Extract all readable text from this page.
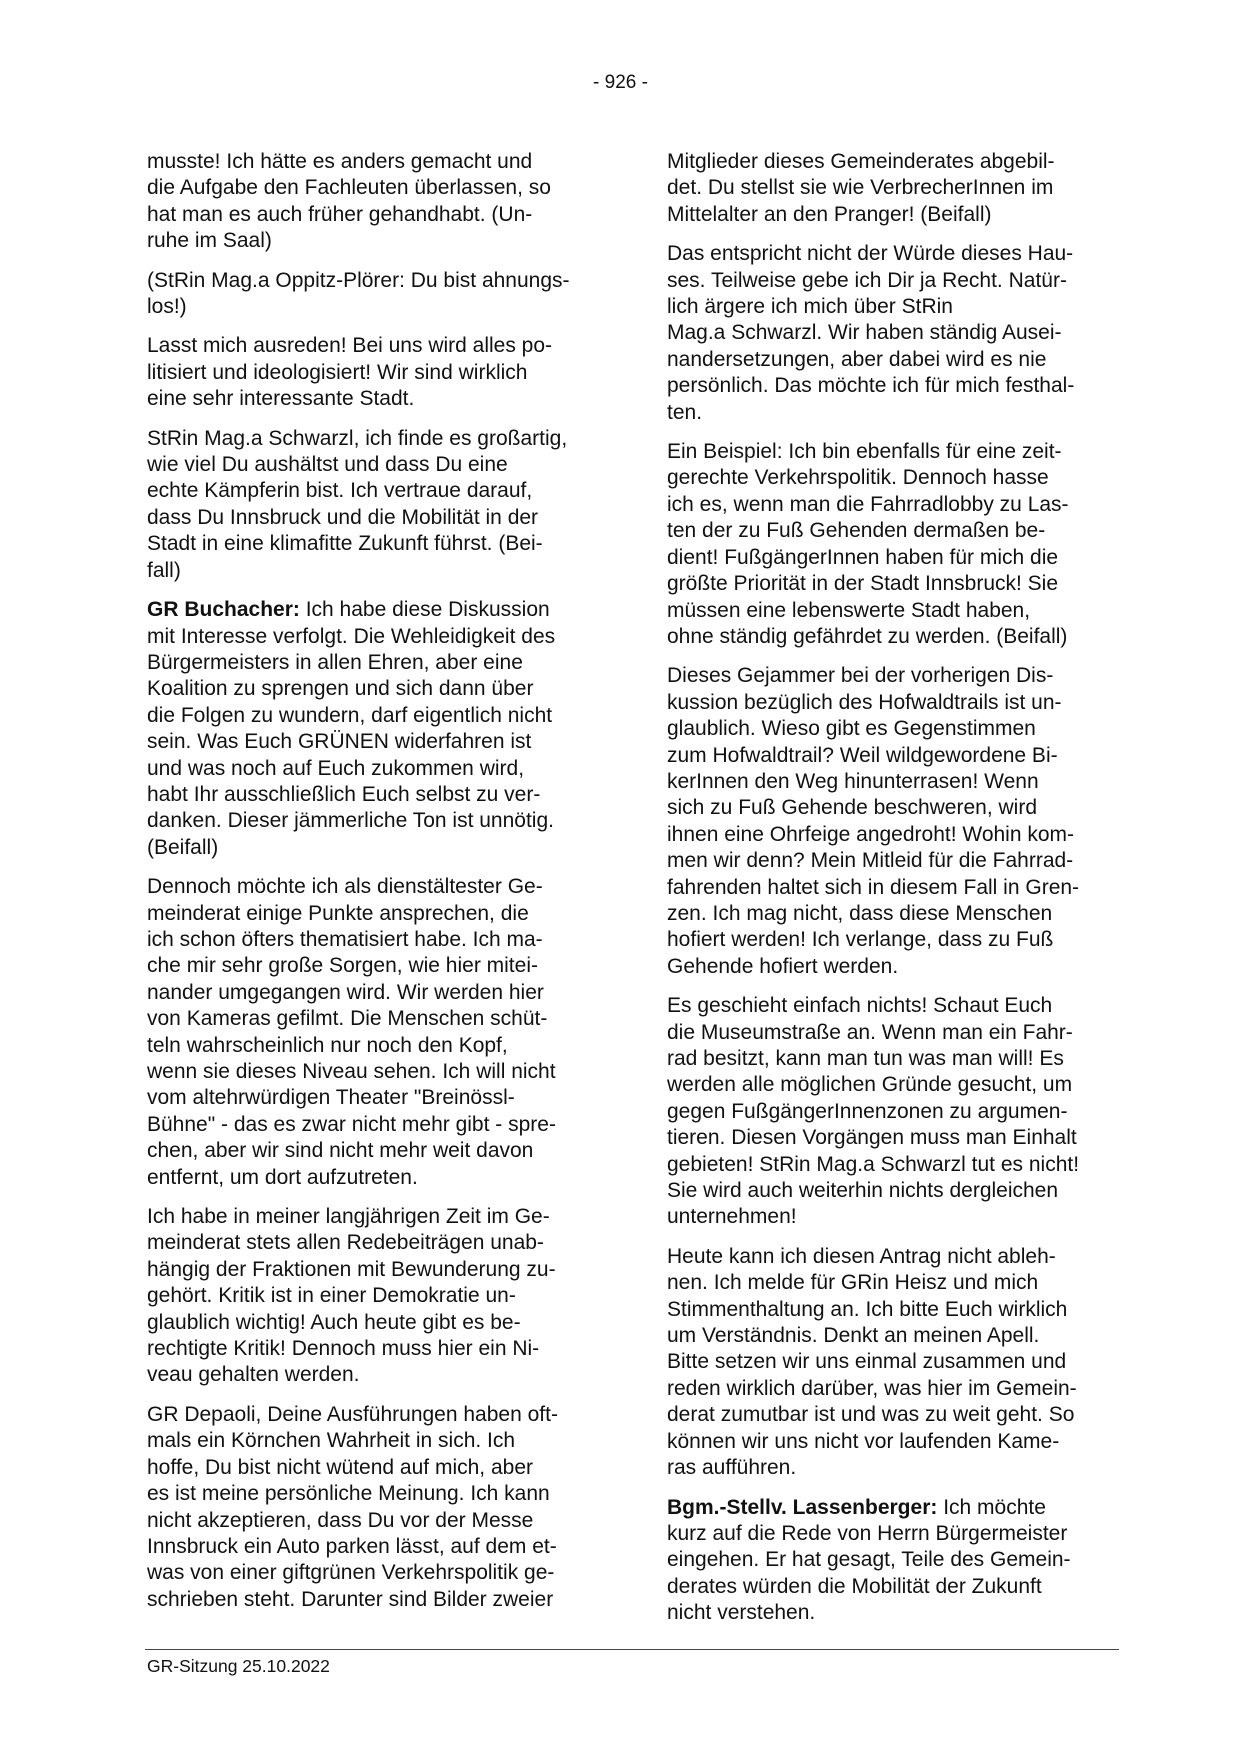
- 926 -

musste! Ich hätte es anders gemacht und
die Aufgabe den Fachleuten überlassen, so
hat man es auch früher gehandhabt. (Un-
ruhe im Saal)

(StRin Mag.a Oppitz-Plörer: Du bist ahnungs-
los!)

Lasst mich ausreden! Bei uns wird alles po-
litisiert und ideologisiert! Wir sind wirklich
eine sehr interessante Stadt.

StRin Mag.a Schwarzl, ich finde es großartig,
wie viel Du aushältst und dass Du eine
echte Kämpferin bist. Ich vertraue darauf,
dass Du Innsbruck und die Mobilität in der
Stadt in eine klimafitte Zukunft führst. (Bei-
fall)

GR Buchacher: Ich habe diese Diskussion
mit Interesse verfolgt. Die Wehleidigkeit des
Bürgermeisters in allen Ehren, aber eine
Koalition zu sprengen und sich dann über
die Folgen zu wundern, darf eigentlich nicht
sein. Was Euch GRÜNEN widerfahren ist
und was noch auf Euch zukommen wird,
habt Ihr ausschließlich Euch selbst zu ver-
danken. Dieser jämmerliche Ton ist unnötig.
(Beifall)

Dennoch möchte ich als dienstältester Ge-
meinderat einige Punkte ansprechen, die
ich schon öfters thematisiert habe. Ich ma-
che mir sehr große Sorgen, wie hier mitei-
nander umgegangen wird. Wir werden hier
von Kameras gefilmt. Die Menschen schüt-
teln wahrscheinlich nur noch den Kopf,
wenn sie dieses Niveau sehen. Ich will nicht
vom altehrwürdigen Theater "Breinössl-
Bühne" - das es zwar nicht mehr gibt - spre-
chen, aber wir sind nicht mehr weit davon
entfernt, um dort aufzutreten.

Ich habe in meiner langjährigen Zeit im Ge-
meinderat stets allen Redebeiträgen unab-
hängig der Fraktionen mit Bewunderung zu-
gehört. Kritik ist in einer Demokratie un-
glaublich wichtig! Auch heute gibt es be-
rechtigte Kritik! Dennoch muss hier ein Ni-
veau gehalten werden.

GR Depaoli, Deine Ausführungen haben oft-
mals ein Körnchen Wahrheit in sich. Ich
hoffe, Du bist nicht wütend auf mich, aber
es ist meine persönliche Meinung. Ich kann
nicht akzeptieren, dass Du vor der Messe
Innsbruck ein Auto parken lässt, auf dem et-
was von einer giftgrünen Verkehrspolitik ge-
schrieben steht. Darunter sind Bilder zweier

Mitglieder dieses Gemeinderates abgebil-
det. Du stellst sie wie VerbrecherInnen im
Mittelalter an den Pranger! (Beifall)

Das entspricht nicht der Würde dieses Hau-
ses. Teilweise gebe ich Dir ja Recht. Natür-
lich ärgere ich mich über StRin
Mag.a Schwarzl. Wir haben ständig Ausei-
nandersetzungen, aber dabei wird es nie
persönlich. Das möchte ich für mich festhal-
ten.

Ein Beispiel: Ich bin ebenfalls für eine zeit-
gerechte Verkehrspolitik. Dennoch hasse
ich es, wenn man die Fahrradlobby zu Las-
ten der zu Fuß Gehenden dermaßen be-
dient! FußgängerInnen haben für mich die
größte Priorität in der Stadt Innsbruck! Sie
müssen eine lebenswerte Stadt haben,
ohne ständig gefährdet zu werden. (Beifall)

Dieses Gejammer bei der vorherigen Dis-
kussion bezüglich des Hofwaldtrails ist un-
glaublich. Wieso gibt es Gegenstimmen
zum Hofwaldtrail? Weil wildgewordene Bi-
kerInnen den Weg hinunterrasen! Wenn
sich zu Fuß Gehende beschweren, wird
ihnen eine Ohrfeige angedroht! Wohin kom-
men wir denn? Mein Mitleid für die Fahrrad-
fahrenden haltet sich in diesem Fall in Gren-
zen. Ich mag nicht, dass diese Menschen
hofiert werden! Ich verlange, dass zu Fuß
Gehende hofiert werden.

Es geschieht einfach nichts! Schaut Euch
die Museumstraße an. Wenn man ein Fahr-
rad besitzt, kann man tun was man will! Es
werden alle möglichen Gründe gesucht, um
gegen FußgängerInnenzonen zu argumen-
tieren. Diesen Vorgängen muss man Einhalt
gebieten! StRin Mag.a Schwarzl tut es nicht!
Sie wird auch weiterhin nichts dergleichen
unternehmen!

Heute kann ich diesen Antrag nicht ableh-
nen. Ich melde für GRin Heisz und mich
Stimmenthaltung an. Ich bitte Euch wirklich
um Verständnis. Denkt an meinen Apell.
Bitte setzen wir uns einmal zusammen und
reden wirklich darüber, was hier im Gemein-
derat zumutbar ist und was zu weit geht. So
können wir uns nicht vor laufenden Kame-
ras aufführen.

Bgm.-Stellv. Lassenberger: Ich möchte
kurz auf die Rede von Herrn Bürgermeister
eingehen. Er hat gesagt, Teile des Gemein-
derates würden die Mobilität der Zukunft
nicht verstehen.

GR-Sitzung 25.10.2022
